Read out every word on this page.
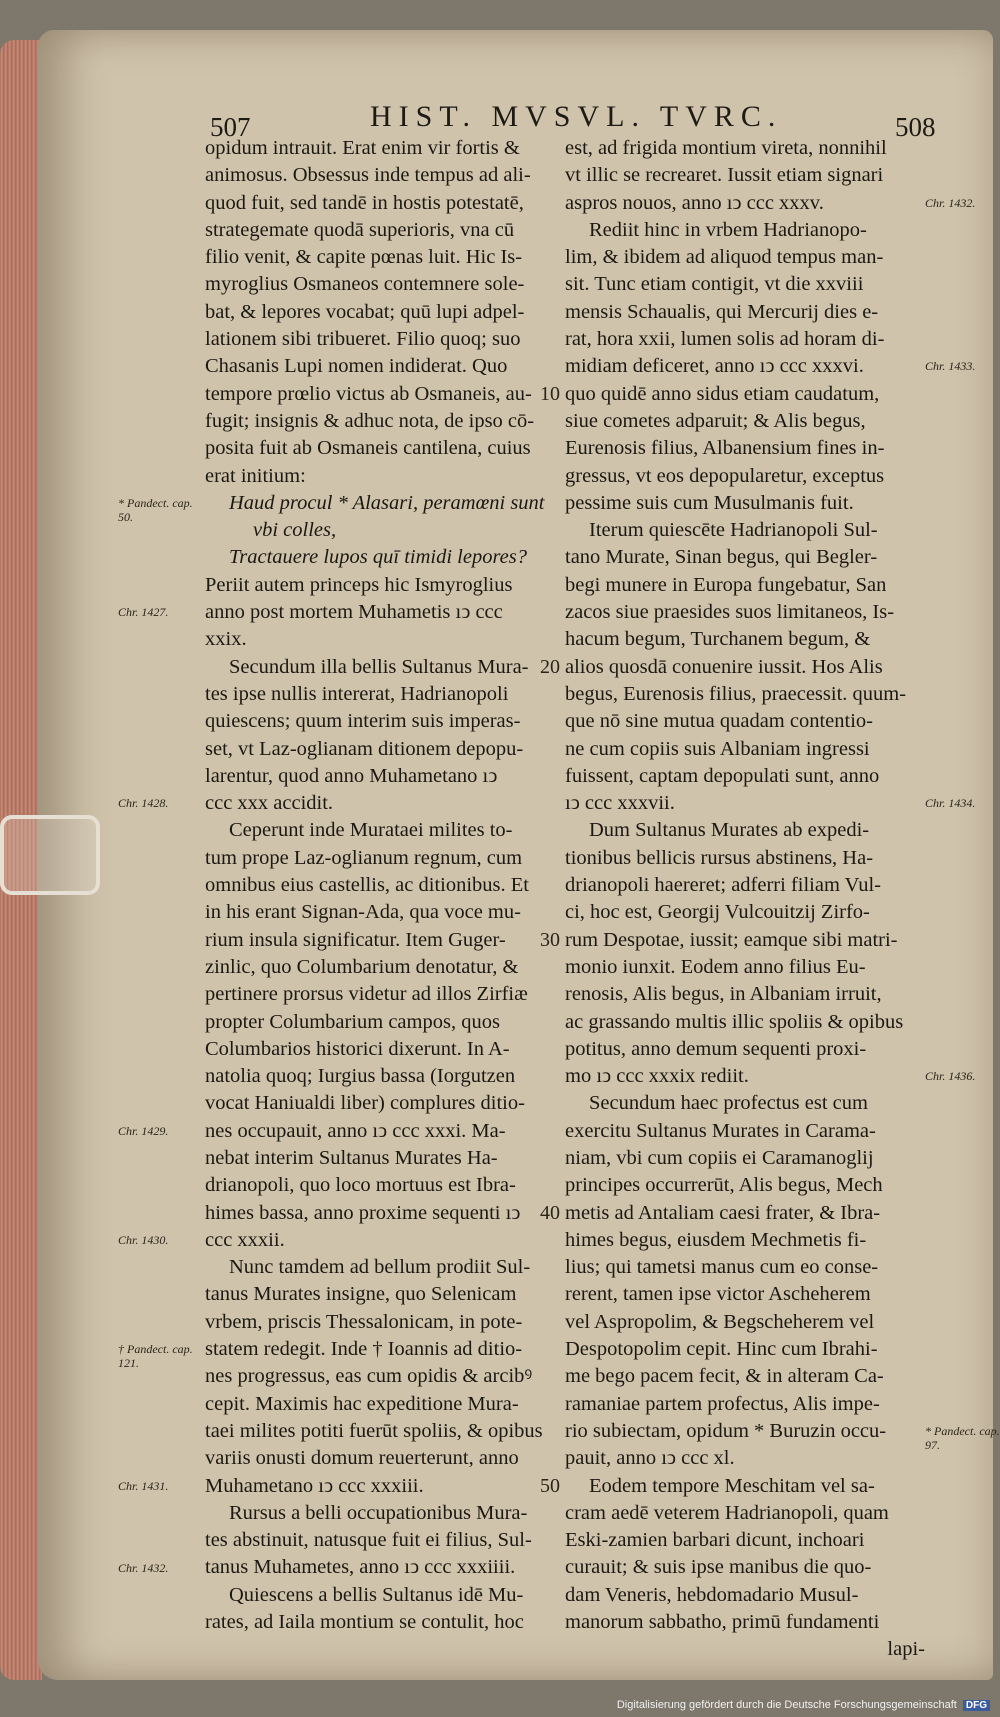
HIST. MVSVL. TVRC.
507	508
opidum intrauit. Erat enim vir fortis &
animosus. Obsessus inde tempus ad ali-
quod fuit, sed tandē in hostis potestatē,
strategemate quodā superioris, vna cū
filio venit, & capite pœnas luit. Hic Is-
myroglius Osmaneos contemnere sole-
bat, & lepores vocabat; quū lupi adpel-
lationem sibi tribueret. Filio quoq; suo
Chasanis Lupi nomen indiderat. Quo
tempore prœlio victus ab Osmaneis, au-
fugit; insignis & adhuc nota, de ipso cō-
posita fuit ab Osmaneis cantilena, cuius
erat initium:
Haud procul * Alasari, peramœni sunt
vbi colles,
Tractauere lupos quī timidi lepores?
Periit autem princeps hic Ismyroglius
anno post mortem Muhametis ıↄ ccc
xxix.
Secundum illa bellis Sultanus Mura-
tes ipse nullis intererat, Hadrianopoli
quiescens; quum interim suis imperas-
set, vt Laz-oglianam ditionem depopu-
larentur, quod anno Muhametano ıↄ
ccc xxx accidit.
Ceperunt inde Murataei milites to-
tum prope Laz-oglianum regnum, cum
omnibus eius castellis, ac ditionibus. Et
in his erant Signan-Ada, qua voce mu-
rium insula significatur. Item Guger-
zinlic, quo Columbarium denotatur, &
pertinere prorsus videtur ad illos Zirfiæ
propter Columbarium campos, quos
Columbarios historici dixerunt. In A-
natolia quoq; Iurgius bassa (Iorgutzen
vocat Haniualdi liber) complures ditio-
nes occupauit, anno ıↄ ccc xxxi. Ma-
nebat interim Sultanus Murates Ha-
drianopoli, quo loco mortuus est Ibra-
himes bassa, anno proxime sequenti ıↄ
ccc xxxii.
Nunc tamdem ad bellum prodiit Sul-
tanus Murates insigne, quo Selenicam
vrbem, priscis Thessalonicam, in pote-
statem redegit. Inde † Ioannis ad ditio-
nes progressus, eas cum opidis & arcibꝰ
cepit. Maximis hac expeditione Mura-
taei milites potiti fuerūt spoliis, & opibus
variis onusti domum reuerterunt, anno
Muhametano ıↄ ccc xxxiii.
Rursus a belli occupationibus Mura-
tes abstinuit, natusque fuit ei filius, Sul-
tanus Muhametes, anno ıↄ ccc xxxiiii.
Quiescens a bellis Sultanus idē Mu-
rates, ad Iaila montium se contulit, hoc
est, ad frigida montium vireta, nonnihil
vt illic se recrearet. Iussit etiam signari
aspros nouos, anno ıↄ ccc xxxv.
Rediit hinc in vrbem Hadrianopo-
lim, & ibidem ad aliquod tempus man-
sit. Tunc etiam contigit, vt die xxviii
mensis Schaualis, qui Mercurij dies e-
rat, hora xxii, lumen solis ad horam di-
midiam deficeret, anno ıↄ ccc xxxvi.
quo quidē anno sidus etiam caudatum,
siue cometes adparuit; & Alis begus,
Eurenosis filius, Albanensium fines in-
gressus, vt eos depopularetur, exceptus
pessime suis cum Musulmanis fuit.
Iterum quiescēte Hadrianopoli Sul-
tano Murate, Sinan begus, qui Begler-
begi munere in Europa fungebatur, San
zacos siue praesides suos limitaneos, Is-
hacum begum, Turchanem begum, &
alios quosdā conuenire iussit. Hos Alis
begus, Eurenosis filius, praecessit. quum-
que nō sine mutua quadam contentio-
ne cum copiis suis Albaniam ingressi
fuissent, captam depopulati sunt, anno
ıↄ ccc xxxvii.
Dum Sultanus Murates ab expedi-
tionibus bellicis rursus abstinens, Ha-
drianopoli haereret; adferri filiam Vul-
ci, hoc est, Georgij Vulcouitzij Zirfo-
rum Despotae, iussit; eamque sibi matri-
monio iunxit. Eodem anno filius Eu-
renosis, Alis begus, in Albaniam irruit,
ac grassando multis illic spoliis & opibus
potitus, anno demum sequenti proxi-
mo ıↄ ccc xxxix rediit.
Secundum haec profectus est cum
exercitu Sultanus Murates in Carama-
niam, vbi cum copiis ei Caramanoglij
principes occurrerūt, Alis begus, Mech
metis ad Antaliam caesi frater, & Ibra-
himes begus, eiusdem Mechmetis fi-
lius; qui tametsi manus cum eo conse-
rerent, tamen ipse victor Ascheherem
vel Aspropolim, & Begscheherem vel
Despotopolim cepit. Hinc cum Ibrahi-
me bego pacem fecit, & in alteram Ca-
ramaniae partem profectus, Alis impe-
rio subiectam, opidum * Buruzin occu-
pauit, anno ıↄ ccc xl.
Eodem tempore Meschitam vel sa-
cram aedē veterem Hadrianopoli, quam
Eski-zamien barbari dicunt, inchoari
curauit; & suis ipse manibus die quo-
dam Veneris, hebdomadario Musul-
manorum sabbatho, primū fundamenti
lapi-
* Pandect. cap. 50.
Chr. 1427.
Chr. 1428.
Chr. 1429.
Chr. 1430.
† Pandect. cap. 121.
Chr. 1431.
Chr. 1432.
Chr. 1432.
Chr. 1433.
Chr. 1434.
Chr. 1436.
* Pandect. cap. 97.
10
20
30
40
50
Digitalisierung gefördert durch die Deutsche Forschungsgemeinschaft DFG
